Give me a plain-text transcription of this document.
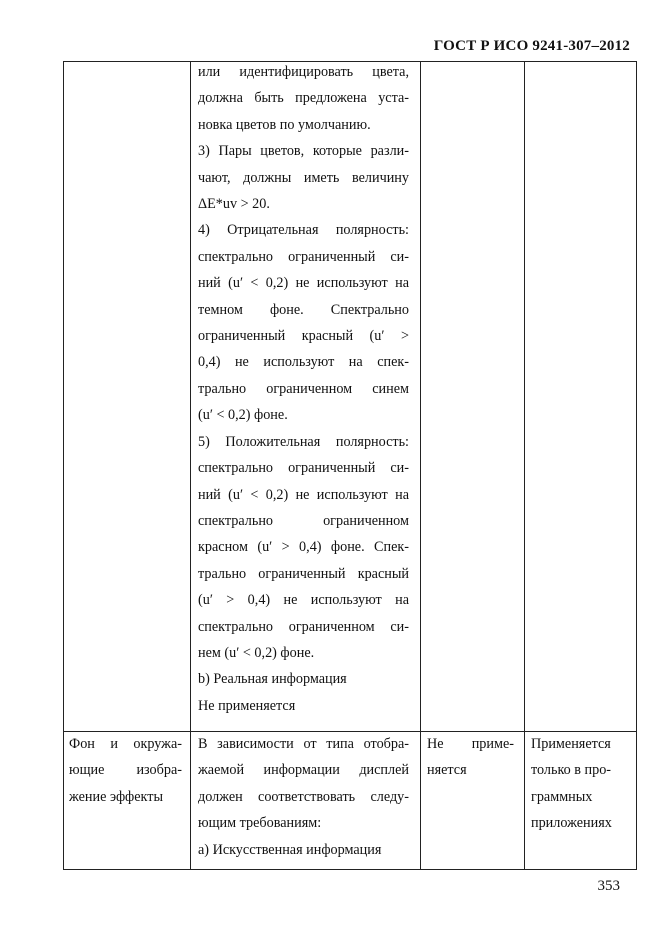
ГОСТ Р ИСО 9241-307–2012
или идентифицировать цвета,
должна быть предложена уста-
новка цветов по умолчанию.
3) Пары цветов, которые разли-
чают, должны иметь величину
ΔE*uv > 20.
4) Отрицательная полярность:
спектрально ограниченный си-
ний (u′ < 0,2) не используют на
темном фоне. Спектрально
ограниченный красный (u′ >
0,4) не используют на спек-
трально ограниченном синем
(u′ < 0,2) фоне.
5) Положительная полярность:
спектрально ограниченный си-
ний (u′ < 0,2) не используют на
спектрально ограниченном
красном (u′ > 0,4) фоне. Спек-
трально ограниченный красный
(u′ > 0,4) не используют на
спектрально ограниченном си-
нем (u′ < 0,2) фоне.
b) Реальная информация
Не применяется
Фон и окружа-
ющие изобра-
жение эффекты
В зависимости от типа отобра-
жаемой информации дисплей
должен соответствовать следу-
ющим требованиям:
a) Искусственная информация
Не приме-
няется
Применяется
только в про-
граммных
приложениях
353
